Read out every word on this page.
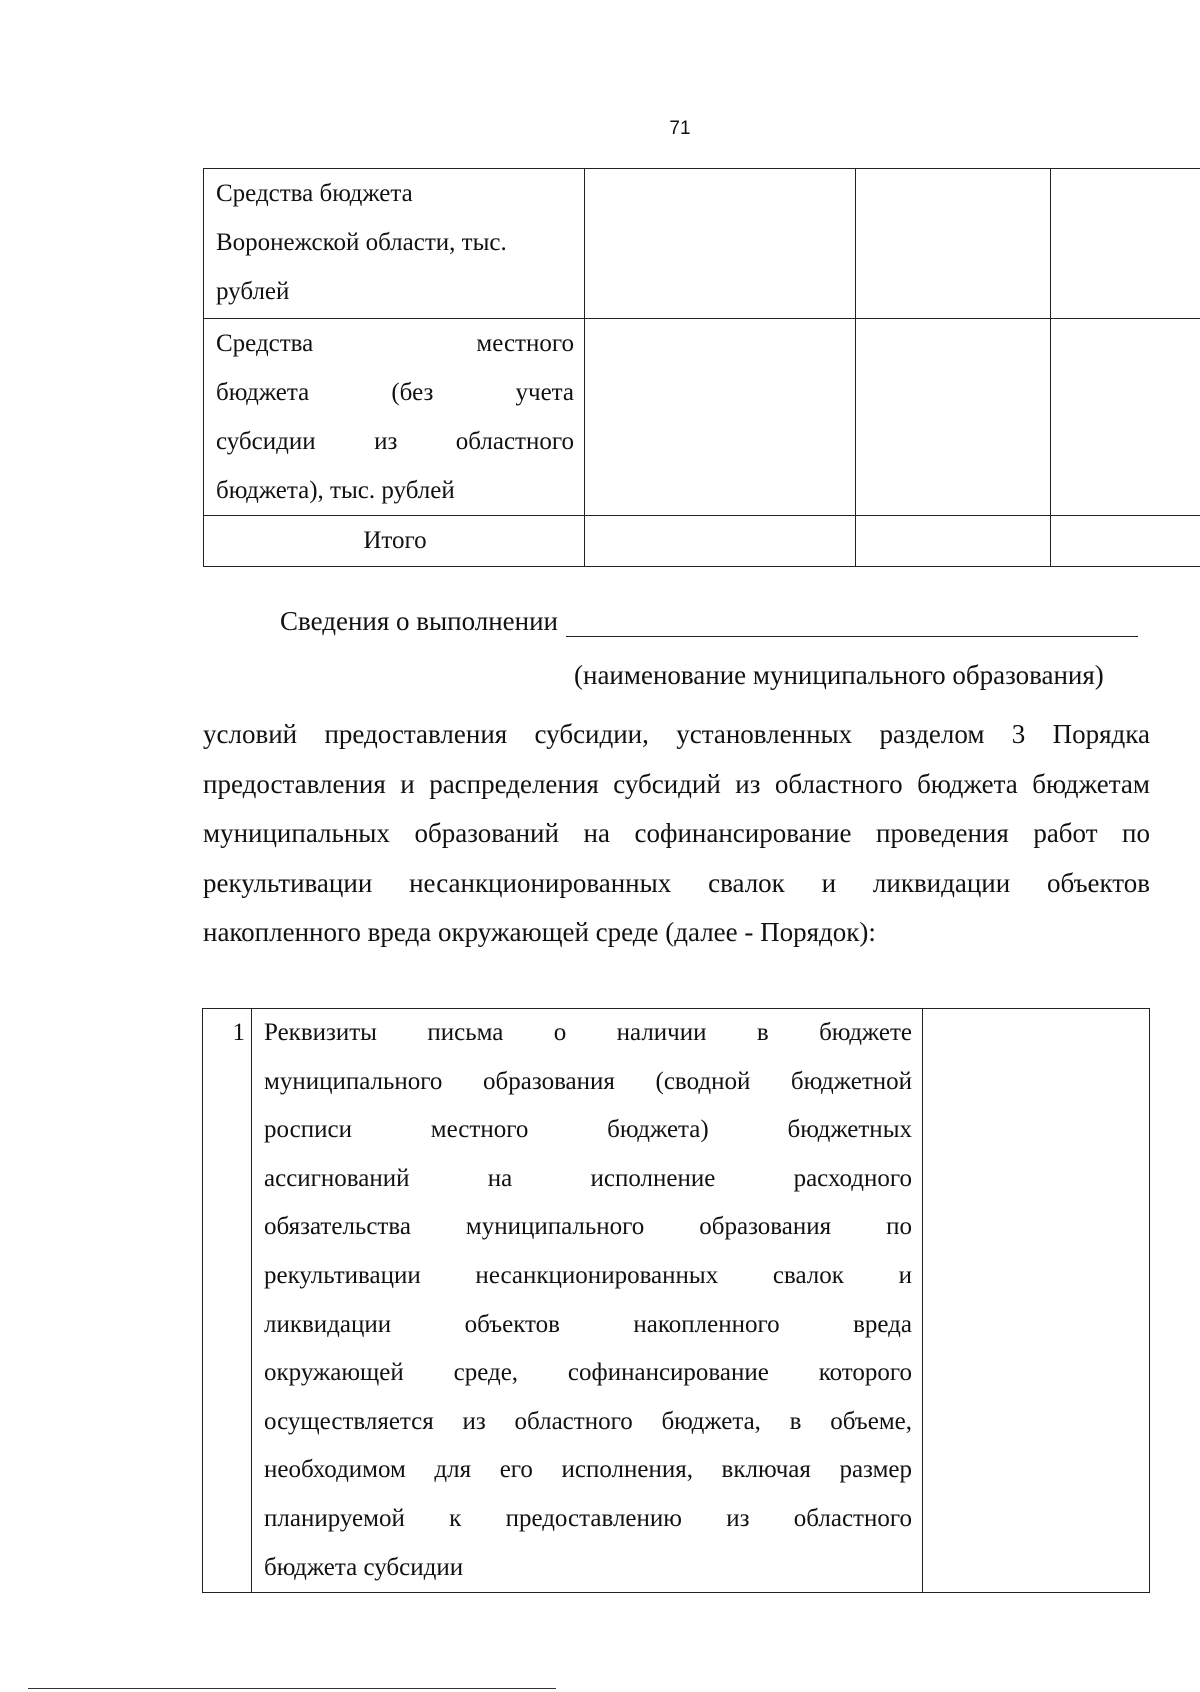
71
Средства бюджета
Воронежской области, тыс.
рублей			

Средства местного
бюджета (без учета
субсидии из областного
бюджета), тыс. рублей			

Итого			
Сведения о выполнении
(наименование муниципального образования)
условий предоставления субсидии, установленных разделом 3 Порядка
предоставления и распределения субсидий из областного бюджета бюджетам
муниципальных образований на софинансирование проведения работ по
рекультивации несанкционированных свалок и ликвидации объектов
накопленного вреда окружающей среде (далее - Порядок):
1	Реквизиты письма о наличии в бюджете
муниципального образования (сводной бюджетной
росписи местного бюджета) бюджетных
ассигнований на исполнение расходного
обязательства муниципального образования по
рекультивации несанкционированных свалок и
ликвидации объектов накопленного вреда
окружающей среде, софинансирование которого
осуществляется из областного бюджета, в объеме,
необходимом для его исполнения, включая размер
планируемой к предоставлению из областного
бюджета субсидии
